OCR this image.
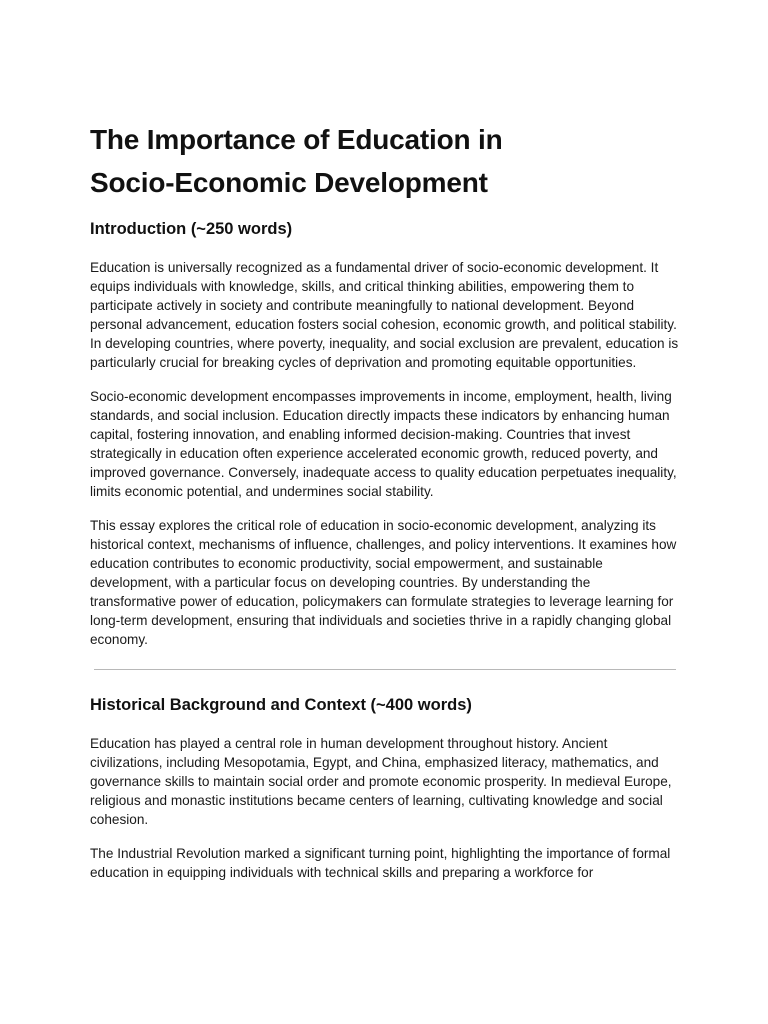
The Importance of Education in
Socio-Economic Development
Introduction (~250 words)

Education is universally recognized as a fundamental driver of socio-economic development. It equips individuals with knowledge, skills, and critical thinking abilities, empowering them to participate actively in society and contribute meaningfully to national development. Beyond personal advancement, education fosters social cohesion, economic growth, and political stability. In developing countries, where poverty, inequality, and social exclusion are prevalent, education is particularly crucial for breaking cycles of deprivation and promoting equitable opportunities.

Socio-economic development encompasses improvements in income, employment, health, living standards, and social inclusion. Education directly impacts these indicators by enhancing human capital, fostering innovation, and enabling informed decision-making. Countries that invest strategically in education often experience accelerated economic growth, reduced poverty, and improved governance. Conversely, inadequate access to quality education perpetuates inequality, limits economic potential, and undermines social stability.

This essay explores the critical role of education in socio-economic development, analyzing its historical context, mechanisms of influence, challenges, and policy interventions. It examines how education contributes to economic productivity, social empowerment, and sustainable development, with a particular focus on developing countries. By understanding the transformative power of education, policymakers can formulate strategies to leverage learning for long-term development, ensuring that individuals and societies thrive in a rapidly changing global economy.

Historical Background and Context (~400 words)

Education has played a central role in human development throughout history. Ancient civilizations, including Mesopotamia, Egypt, and China, emphasized literacy, mathematics, and governance skills to maintain social order and promote economic prosperity. In medieval Europe, religious and monastic institutions became centers of learning, cultivating knowledge and social cohesion.

The Industrial Revolution marked a significant turning point, highlighting the importance of formal education in equipping individuals with technical skills and preparing a workforce for
